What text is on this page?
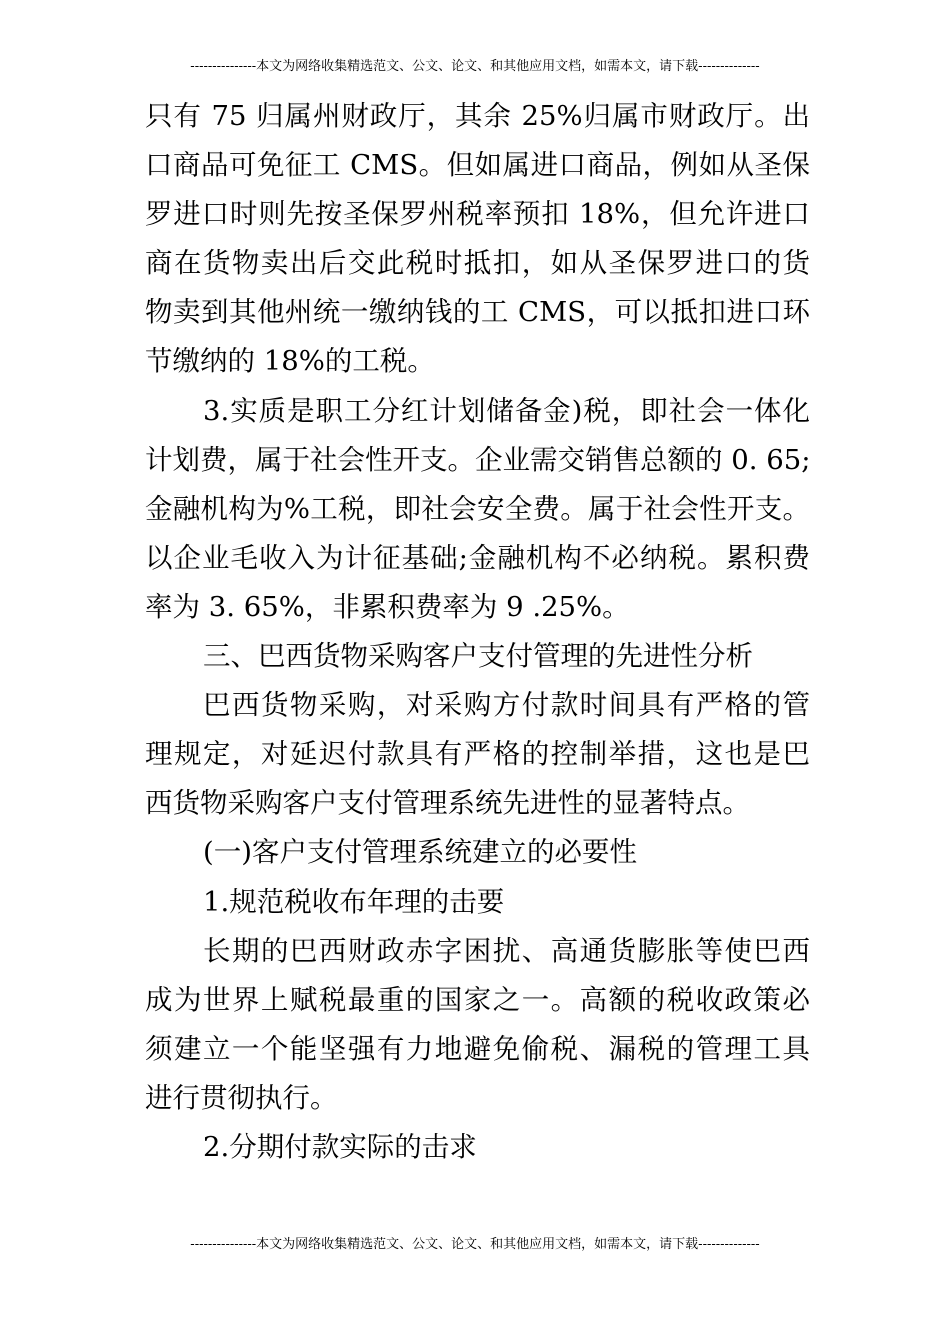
---------------本文为网络收集精选范文、公文、论文、和其他应用文档，如需本文，请下载--------------
只有 75 归属州财政厅，其余 25%归属市财政厅。出
口商品可免征工 CMS。但如属进口商品，例如从圣保
罗进口时则先按圣保罗州税率预扣 18%，但允许进口
商在货物卖出后交此税时抵扣，如从圣保罗进口的货
物卖到其他州统一缴纳钱的工 CMS，可以抵扣进口环
节缴纳的 18%的工税。
3.实质是职工分红计划储备金)税，即社会一体化
计划费，属于社会性开支。企业需交销售总额的 0. 65;
金融机构为%工税，即社会安全费。属于社会性开支。
以企业毛收入为计征基础;金融机构不必纳税。累积费
率为 3. 65%，非累积费率为 9 .25%。
三、巴西货物采购客户支付管理的先进性分析
巴西货物采购，对采购方付款时间具有严格的管
理规定，对延迟付款具有严格的控制举措，这也是巴
西货物采购客户支付管理系统先进性的显著特点。
(一)客户支付管理系统建立的必要性
1.规范税收布年理的击要
长期的巴西财政赤字困扰、高通货膨胀等使巴西
成为世界上赋税最重的国家之一。高额的税收政策必
须建立一个能坚强有力地避免偷税、漏税的管理工具
进行贯彻执行。
2.分期付款实际的击求
---------------本文为网络收集精选范文、公文、论文、和其他应用文档，如需本文，请下载--------------
